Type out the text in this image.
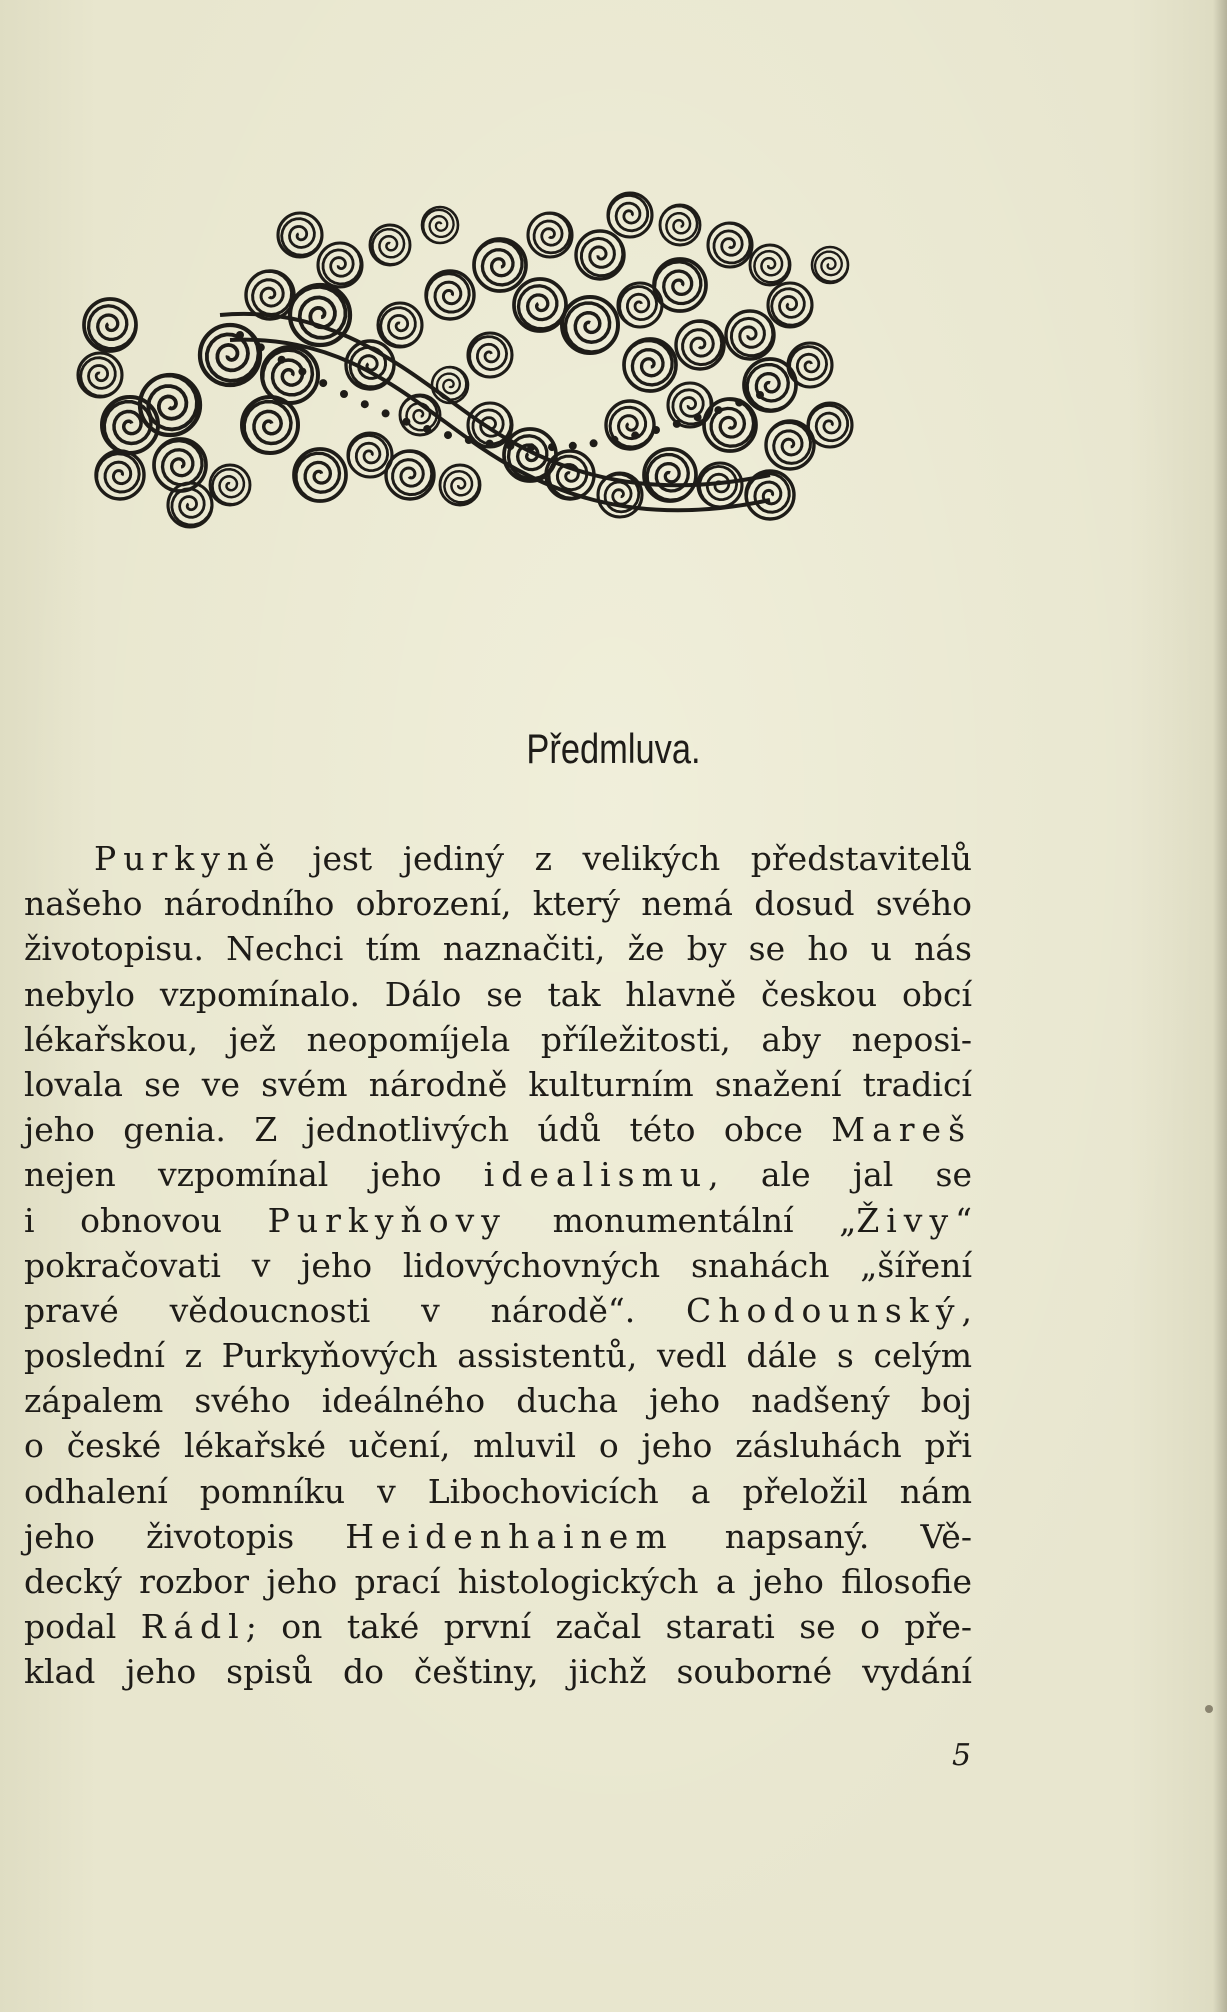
Předmluva.
Purkyně jest jediný z velikých představitelů
našeho národního obrození, který nemá dosud svého
životopisu. Nechci tím naznačiti, že by se ho u nás
nebylo vzpomínalo. Dálo se tak hlavně českou obcí
lékařskou, jež neopomíjela příležitosti, aby neposi-
lovala se ve svém národně kulturním snažení tradicí
jeho genia. Z jednotlivých údů této obce Mareš
nejen vzpomínal jeho idealismu, ale jal se
i obnovou Purkyňovy monumentální „Živy“
pokračovati v jeho lidovýchovných snahách „šíření
pravé vědoucnosti v národě“. Chodounský,
poslední z Purkyňových assistentů, vedl dále s celým
zápalem svého ideálného ducha jeho nadšený boj
o české lékařské učení, mluvil o jeho zásluhách při
odhalení pomníku v Libochovicích a přeložil nám
jeho životopis Heidenhainem napsaný. Vě-
decký rozbor jeho prací histologických a jeho filosofie
podal Rádl; on také první začal starati se o pře-
klad jeho spisů do češtiny, jichž souborné vydání
5
